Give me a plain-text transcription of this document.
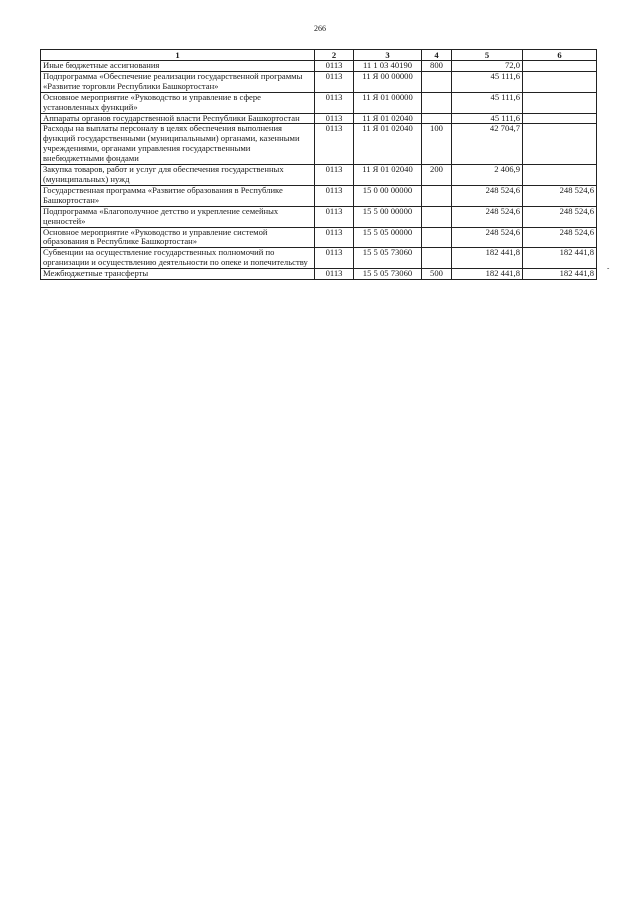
266
-
1	2	3	4	5	6
Иные бюджетные ассигнования	0113	11 1 03 40190	800	72,0	
Подпрограмма «Обеспечение реализации государственной программы «Развитие торговли Республики Башкортостан»	0113	11 Я 00 00000		45 111,6	
Основное мероприятие «Руководство и управление в сфере установленных функций»	0113	11 Я 01 00000		45 111,6	
Аппараты органов государственной власти Республики Башкортостан	0113	11 Я 01 02040		45 111,6	
Расходы на выплаты персоналу в целях обеспечения выполнения функций государственными (муниципальными) органами, казенными учреждениями, органами управления государственными внебюджетными фондами	0113	11 Я 01 02040	100	42 704,7	
Закупка товаров, работ и услуг для обеспечения государственных (муниципальных) нужд	0113	11 Я 01 02040	200	2 406,9	
Государственная программа «Развитие образования в Республике Башкортостан»	0113	15 0 00 00000		248 524,6	248 524,6
Подпрограмма «Благополучное детство и укрепление семейных ценностей»	0113	15 5 00 00000		248 524,6	248 524,6
Основное мероприятие «Руководство и управление системой образования в Республике Башкортостан»	0113	15 5 05 00000		248 524,6	248 524,6
Субвенции на осуществление государственных полномочий по организации и осуществлению деятельности по опеке и попечительству	0113	15 5 05 73060		182 441,8	182 441,8
Межбюджетные трансферты	0113	15 5 05 73060	500	182 441,8	182 441,8
